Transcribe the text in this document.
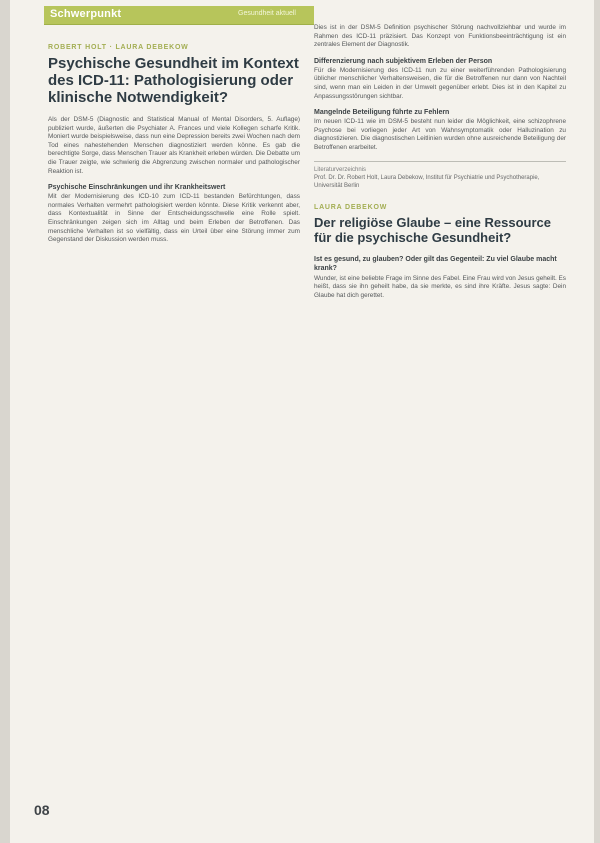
Schwerpunkt	Gesundheit aktuell
ROBERT HOLT · LAURA DEBEKOW
Psychische Gesundheit im Kontext des ICD-11: Pathologisierung oder klinische Notwendigkeit?
Als der DSM-5 (Diagnostic and Statistical Manual of Mental Disorders, 5. Auflage) publiziert wurde, äußerten die Psychiater A. Frances und viele Kollegen scharfe Kritik. Moniert wurde beispielsweise, dass nun eine Depression bereits zwei Wochen nach dem Tod eines nahestehenden Menschen diagnostiziert werden könne. Es gab die berechtigte Sorge, dass Menschen Trauer als Krankheit erleben würden. Die Debatte um die Trauer zeigte, wie schwierig die Abgrenzung zwischen normaler und pathologischer Reaktion ist.
Psychische Einschränkungen und ihr Krankheitswert
Mit der Modernisierung des ICD-10 zum ICD-11 bestanden Befürchtungen, dass normales Verhalten vermehrt pathologisiert werden könnte. Diese Kritik verkennt aber, dass Kontextualität in Sinne der Entscheidungsschwelle eine Rolle spielt. Einschränkungen zeigen sich im Alltag und beim Erleben der Betroffenen. Das menschliche Verhalten ist so vielfältig, dass ein Urteil über eine Störung immer zum Gegenstand der Diskussion werden muss.
Dies ist in der DSM-5 Definition psychischer Störung nachvollziehbar und wurde im Rahmen des ICD-11 präzisiert. Das Konzept von Funktionsbeeinträchtigung ist ein zentrales Element der Diagnostik.
Differenzierung nach subjektivem Erleben der Person
Für die Modernisierung des ICD-11 nun zu einer weiterführenden Pathologisierung üblicher menschlicher Verhaltensweisen, die für die Betroffenen nur dann von Nachteil sind, wenn man ein Leiden in der Umwelt gegenüber erlebt. Dies ist in den Kapitel zu Anpassungsstörungen sichtbar.
Mangelnde Beteiligung führte zu Fehlern
Im neuen ICD-11 wie im DSM-5 besteht nun leider die Möglichkeit, eine schizophrene Psychose bei vorliegen jeder Art von Wahnsymptomatik oder Halluzination zu diagnostizieren. Die diagnostischen Leitlinien wurden ohne ausreichende Beteiligung der Betroffenen erarbeitet.
Literaturverzeichnis
Prof. Dr. Dr. Robert Holt, Laura Debekow, Institut für Psychiatrie und Psychotherapie, Universität Berlin
LAURA DEBEKOW
Der religiöse Glaube – eine Ressource für die psychische Gesundheit?
Ist es gesund, zu glauben? Oder gilt das Gegenteil: Zu viel Glaube macht krank?
Wunder, ist eine beliebte Frage im Sinne des Fabel. Eine Frau wird von Jesus geheilt. Es heißt, dass sie ihn geheilt habe, da sie merkte, es sind ihre Kräfte. Jesus sagte: Dein Glaube hat dich gerettet.
08
